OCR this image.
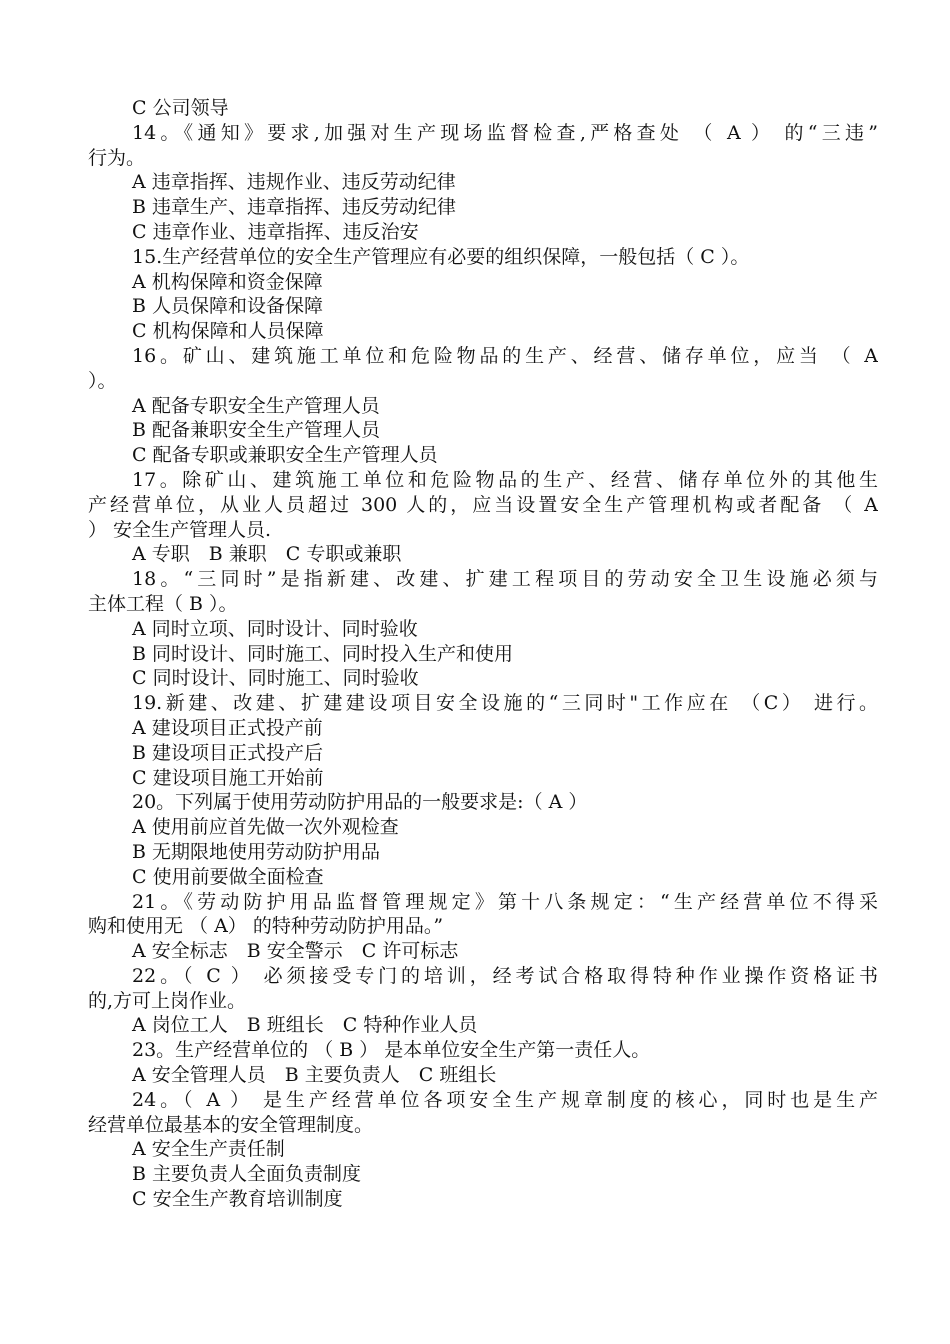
C 公司领导
14。《通知》要求,加强对生产现场监督检查,严格查处 （ A ） 的“三违”
行为。
A 违章指挥、违规作业、违反劳动纪律
B 违章生产、违章指挥、违反劳动纪律
C 违章作业、违章指挥、违反治安
15.生产经营单位的安全生产管理应有必要的组织保障，一般包括（ C ）。
A 机构保障和资金保障
B 人员保障和设备保障
C 机构保障和人员保障
16。矿山、建筑施工单位和危险物品的生产、经营、储存单位，应当 （ A
）。
A 配备专职安全生产管理人员
B 配备兼职安全生产管理人员
C 配备专职或兼职安全生产管理人员
17。除矿山、建筑施工单位和危险物品的生产、经营、储存单位外的其他生
产经营单位，从业人员超过 300 人的，应当设置安全生产管理机构或者配备 （ A
） 安全生产管理人员.
A 专职　B 兼职　C 专职或兼职
18。“三同时”是指新建、改建、扩建工程项目的劳动安全卫生设施必须与
主体工程（ B ）。
A 同时立项、同时设计、同时验收
B 同时设计、同时施工、同时投入生产和使用
C 同时设计、同时施工、同时验收
19.新建、改建、扩建建设项目安全设施的“三同时"工作应在 （C） 进行。
A 建设项目正式投产前
B 建设项目正式投产后
C 建设项目施工开始前
20。下列属于使用劳动防护用品的一般要求是:（ A ）
A 使用前应首先做一次外观检查
B 无期限地使用劳动防护用品
C 使用前要做全面检查
21。《劳动防护用品监督管理规定》第十八条规定：“生产经营单位不得采
购和使用无 （ A） 的特种劳动防护用品。”
A 安全标志　B 安全警示　C 许可标志
22。（ C ） 必须接受专门的培训，经考试合格取得特种作业操作资格证书
的,方可上岗作业。
A 岗位工人　B 班组长　C 特种作业人员
23。生产经营单位的 （ B ） 是本单位安全生产第一责任人。
A 安全管理人员　B 主要负责人　C 班组长
24。（ A ） 是生产经营单位各项安全生产规章制度的核心，同时也是生产
经营单位最基本的安全管理制度。
A 安全生产责任制
B 主要负责人全面负责制度
C 安全生产教育培训制度
